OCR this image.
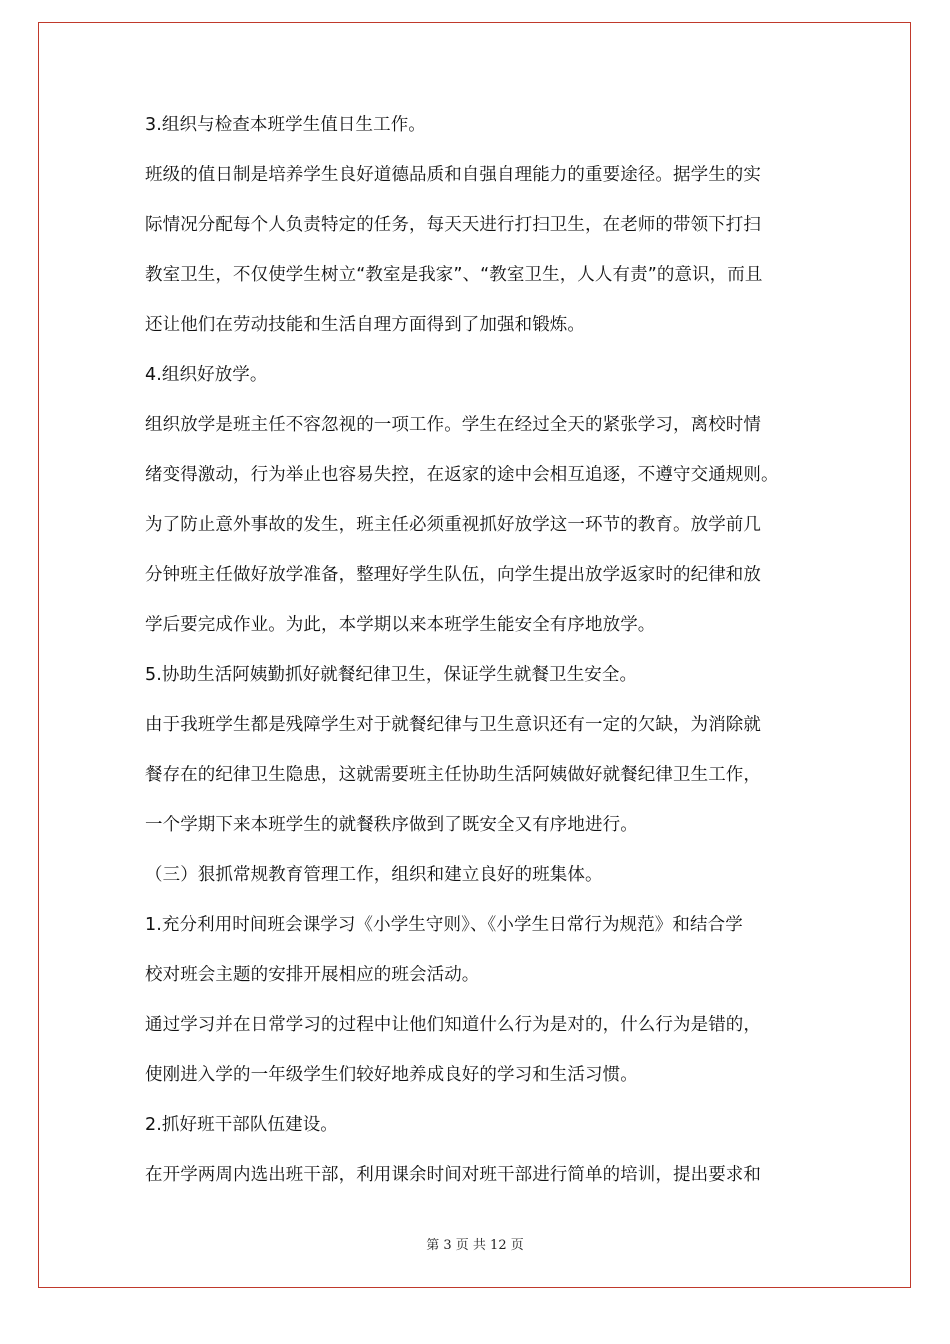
3.组织与检查本班学生值日生工作。
班级的值日制是培养学生良好道德品质和自强自理能力的重要途径。据学生的实
际情况分配每个人负责特定的任务，每天天进行打扫卫生，在老师的带领下打扫
教室卫生，不仅使学生树立“教室是我家”、“教室卫生，人人有责”的意识，而且
还让他们在劳动技能和生活自理方面得到了加强和锻炼。
4.组织好放学。
组织放学是班主任不容忽视的一项工作。学生在经过全天的紧张学习，离校时情
绪变得激动，行为举止也容易失控，在返家的途中会相互追逐，不遵守交通规则。
为了防止意外事故的发生，班主任必须重视抓好放学这一环节的教育。放学前几
分钟班主任做好放学准备，整理好学生队伍，向学生提出放学返家时的纪律和放
学后要完成作业。为此，本学期以来本班学生能安全有序地放学。
5.协助生活阿姨勤抓好就餐纪律卫生，保证学生就餐卫生安全。
由于我班学生都是残障学生对于就餐纪律与卫生意识还有一定的欠缺，为消除就
餐存在的纪律卫生隐患，这就需要班主任协助生活阿姨做好就餐纪律卫生工作，
一个学期下来本班学生的就餐秩序做到了既安全又有序地进行。
（三）狠抓常规教育管理工作，组织和建立良好的班集体。
1.充分利用时间班会课学习《小学生守则》、《小学生日常行为规范》和结合学
校对班会主题的安排开展相应的班会活动。
通过学习并在日常学习的过程中让他们知道什么行为是对的，什么行为是错的，
使刚进入学的一年级学生们较好地养成良好的学习和生活习惯。
2.抓好班干部队伍建设。
在开学两周内选出班干部，利用课余时间对班干部进行简单的培训，提出要求和
第 3 页 共 12 页
